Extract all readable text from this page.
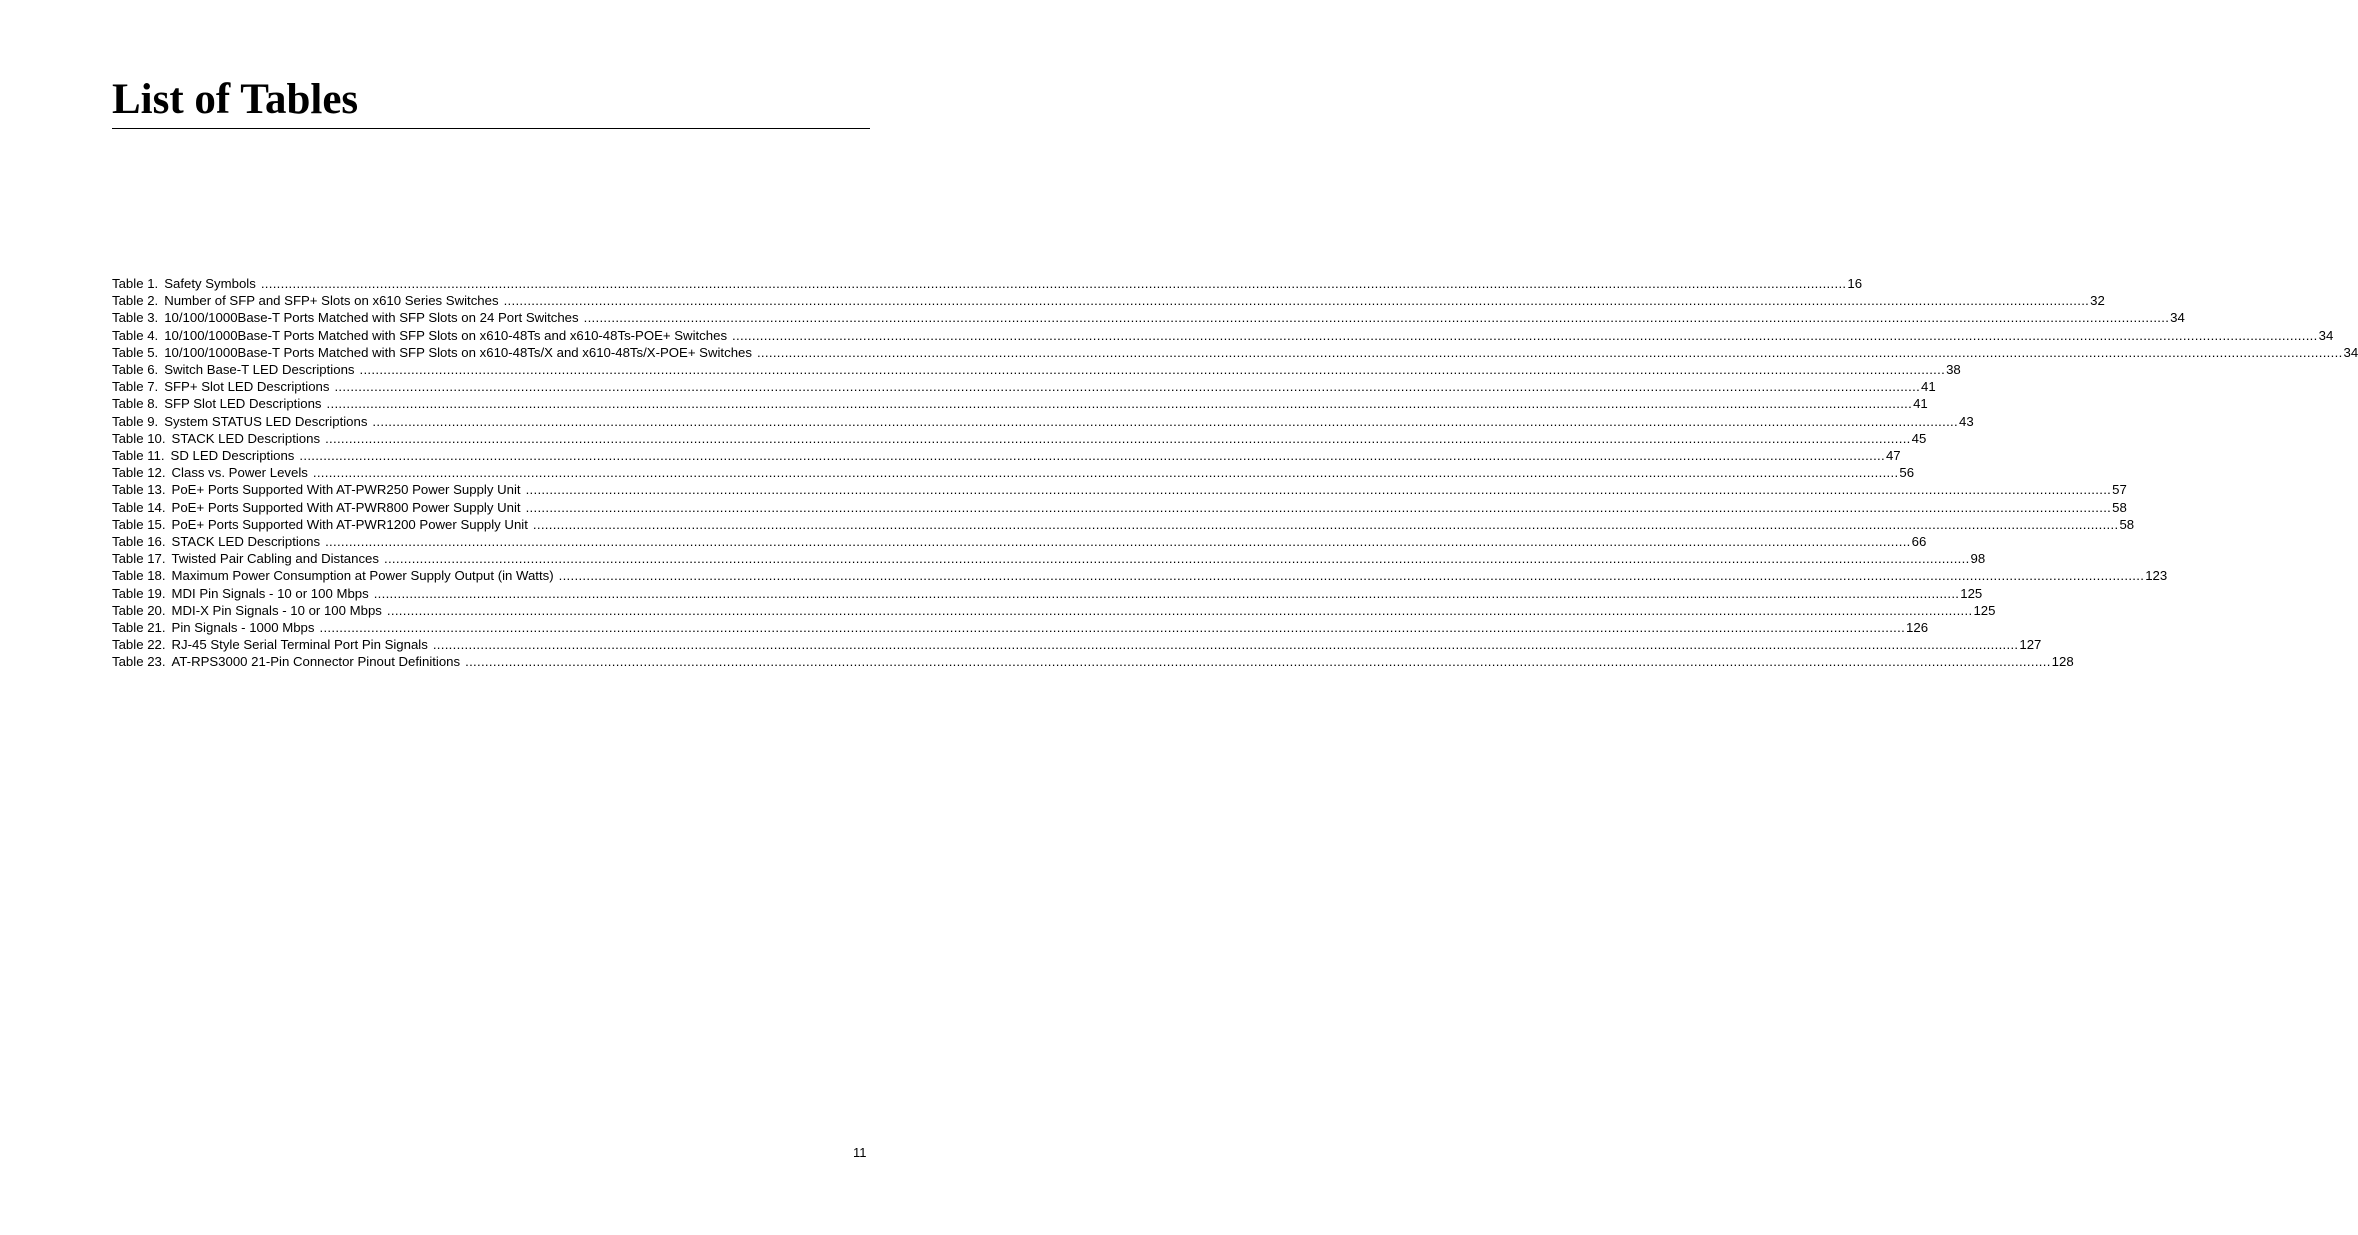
List of Tables
Table 1. Safety Symbols ................................................................................................................................................................................................................................................................................................................................................................................................................ 16
Table 2. Number of SFP and SFP+ Slots on x610 Series Switches ................................................................................................................................................................................................................................................................................................................................................................................................................ 32
Table 3. 10/100/1000Base-T Ports Matched with SFP Slots on 24 Port Switches ................................................................................................................................................................................................................................................................................................................................................................................................................ 34
Table 4. 10/100/1000Base-T Ports Matched with SFP Slots on x610-48Ts and x610-48Ts-POE+ Switches ................................................................................................................................................................................................................................................................................................................................................................................................................ 34
Table 5. 10/100/1000Base-T Ports Matched with SFP Slots on x610-48Ts/X and x610-48Ts/X-POE+ Switches ................................................................................................................................................................................................................................................................................................................................................................................................................ 34
Table 6. Switch Base-T LED Descriptions ................................................................................................................................................................................................................................................................................................................................................................................................................ 38
Table 7. SFP+ Slot LED Descriptions ................................................................................................................................................................................................................................................................................................................................................................................................................ 41
Table 8. SFP Slot LED Descriptions ................................................................................................................................................................................................................................................................................................................................................................................................................ 41
Table 9. System STATUS LED Descriptions ................................................................................................................................................................................................................................................................................................................................................................................................................ 43
Table 10. STACK LED Descriptions ................................................................................................................................................................................................................................................................................................................................................................................................................ 45
Table 11. SD LED Descriptions ................................................................................................................................................................................................................................................................................................................................................................................................................ 47
Table 12. Class vs. Power Levels ................................................................................................................................................................................................................................................................................................................................................................................................................ 56
Table 13. PoE+ Ports Supported With AT-PWR250 Power Supply Unit ................................................................................................................................................................................................................................................................................................................................................................................................................ 57
Table 14. PoE+ Ports Supported With AT-PWR800 Power Supply Unit ................................................................................................................................................................................................................................................................................................................................................................................................................ 58
Table 15. PoE+ Ports Supported With AT-PWR1200 Power Supply Unit ................................................................................................................................................................................................................................................................................................................................................................................................................ 58
Table 16. STACK LED Descriptions ................................................................................................................................................................................................................................................................................................................................................................................................................ 66
Table 17. Twisted Pair Cabling and Distances ................................................................................................................................................................................................................................................................................................................................................................................................................ 98
Table 18. Maximum Power Consumption at Power Supply Output (in Watts) ................................................................................................................................................................................................................................................................................................................................................................................................................ 123
Table 19. MDI Pin Signals - 10 or 100 Mbps ................................................................................................................................................................................................................................................................................................................................................................................................................ 125
Table 20. MDI-X Pin Signals - 10 or 100 Mbps ................................................................................................................................................................................................................................................................................................................................................................................................................ 125
Table 21. Pin Signals - 1000 Mbps ................................................................................................................................................................................................................................................................................................................................................................................................................ 126
Table 22. RJ-45 Style Serial Terminal Port Pin Signals ................................................................................................................................................................................................................................................................................................................................................................................................................ 127
Table 23. AT-RPS3000 21-Pin Connector Pinout Definitions ................................................................................................................................................................................................................................................................................................................................................................................................................ 128
11
